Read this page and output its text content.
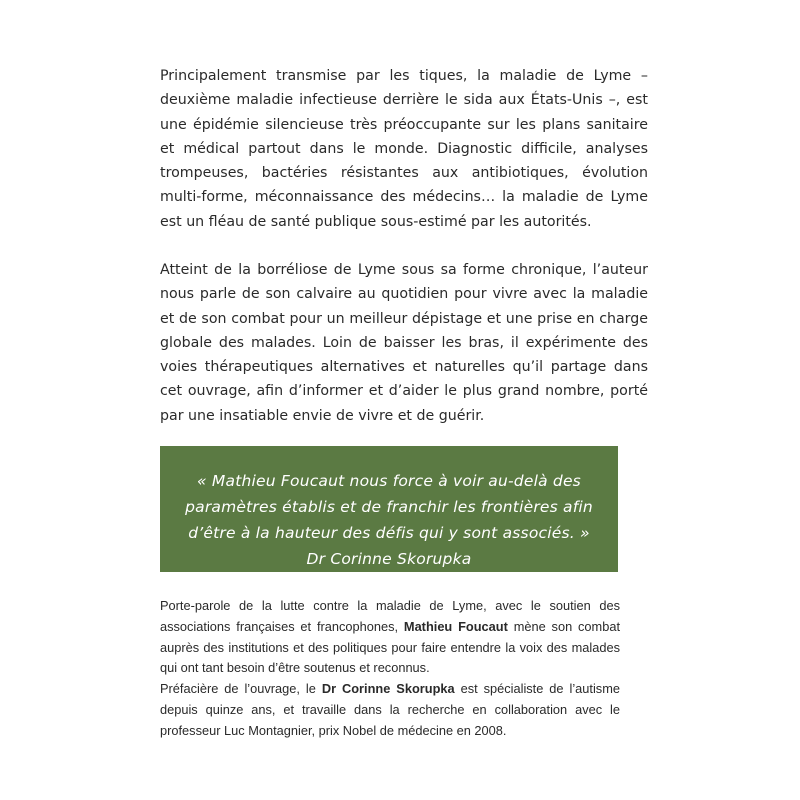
Principalement transmise par les tiques, la maladie de Lyme – deuxième maladie infectieuse derrière le sida aux États-Unis –, est une épidémie silencieuse très préoccupante sur les plans sanitaire et médical partout dans le monde. Diagnostic difficile, analyses trompeuses, bactéries résistantes aux antibiotiques, évolution multi-forme, méconnaissance des médecins… la maladie de Lyme est un fléau de santé publique sous-estimé par les autorités.

Atteint de la borréliose de Lyme sous sa forme chronique, l’auteur nous parle de son calvaire au quotidien pour vivre avec la maladie et de son combat pour un meilleur dépistage et une prise en charge globale des malades. Loin de baisser les bras, il expérimente des voies thérapeutiques alternatives et naturelles qu’il partage dans cet ouvrage, afin d’informer et d’aider le plus grand nombre, porté par une insatiable envie de vivre et de guérir.

« Mathieu Foucaut nous force à voir au-delà des paramètres établis et de franchir les frontières afin d’être à la hauteur des défis qui y sont associés. » Dr Corinne Skorupka

Porte-parole de la lutte contre la maladie de Lyme, avec le soutien des associations françaises et francophones, Mathieu Foucaut mène son combat auprès des institutions et des politiques pour faire entendre la voix des malades qui ont tant besoin d’être soutenus et reconnus.

Préfacière de l’ouvrage, le Dr Corinne Skorupka est spécialiste de l’autisme depuis quinze ans, et travaille dans la recherche en collaboration avec le professeur Luc Montagnier, prix Nobel de médecine en 2008.
